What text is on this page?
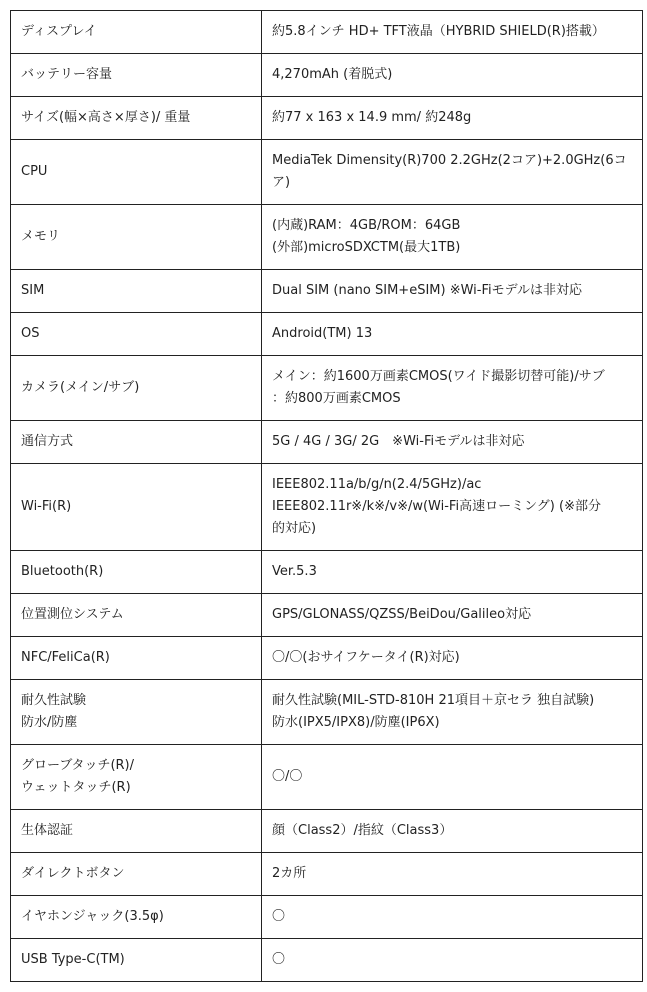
ディスプレイ	約5.8インチ HD+ TFT液晶（HYBRID SHIELD(R)搭載）

バッテリー容量	4,270mAh (着脱式)

サイズ(幅×高さ×厚さ)/ 重量	約77 x 163 x 14.9 mm/ 約248g

CPU	MediaTek Dimensity(R)700 2.2GHz(2コア)+2.0GHz(6コ
ア)

メモリ	(内蔵)RAM：4GB/ROM：64GB
(外部)microSDXCTM(最大1TB)

SIM	Dual SIM (nano SIM+eSIM) ※Wi-Fiモデルは非対応

OS	Android(TM) 13

カメラ(メイン/サブ)	メイン：約1600万画素CMOS(ワイド撮影切替可能)/サブ
：約800万画素CMOS

通信方式	5G / 4G / 3G/ 2G　※Wi-Fiモデルは非対応

Wi-Fi(R)	IEEE802.11a/b/g/n(2.4/5GHz)/ac
IEEE802.11r※/k※/v※/w(Wi-Fi高速ローミング) (※部分
的対応)

Bluetooth(R)	Ver.5.3

位置測位システム	GPS/GLONASS/QZSS/BeiDou/Galileo対応

NFC/FeliCa(R)	〇/〇(おサイフケータイ(R)対応)

耐久性試験
防水/防塵	耐久性試験(MIL-STD-810H 21項目＋京セラ 独自試験)
防水(IPX5/IPX8)/防塵(IP6X)

グローブタッチ(R)/
ウェットタッチ(R)	〇/〇

生体認証	顔（Class2）/指紋（Class3）

ダイレクトボタン	2カ所

イヤホンジャック(3.5φ)	〇

USB Type-C(TM)	〇
